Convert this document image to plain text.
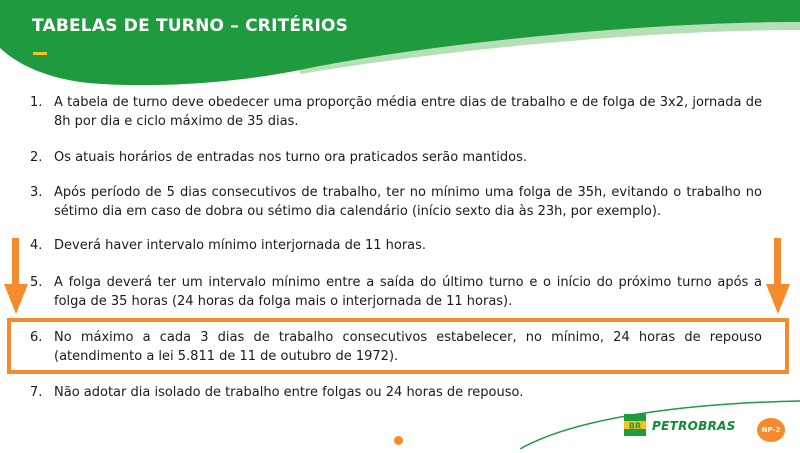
TABELAS DE TURNO – CRITÉRIOS
1. A tabela de turno deve obedecer uma proporção média entre dias de trabalho e de folga de 3x2, jornada de 8h por dia e ciclo máximo de 35 dias.
2. Os atuais horários de entradas nos turno ora praticados serão mantidos.
3. Após período de 5 dias consecutivos de trabalho, ter no mínimo uma folga de 35h, evitando o trabalho no sétimo dia em caso de dobra ou sétimo dia calendário (início sexto dia às 23h, por exemplo).
4. Deverá haver intervalo mínimo interjornada de 11 horas.
5. A folga deverá ter um intervalo mínimo entre a saída do último turno e o início do próximo turno após a folga de 35 horas (24 horas da folga mais o interjornada de 11 horas).
6. No máximo a cada 3 dias de trabalho consecutivos estabelecer, no mínimo, 24 horas de repouso (atendimento a lei 5.811 de 11 de outubro de 1972).
7. Não adotar dia isolado de trabalho entre folgas ou 24 horas de repouso.
BR PETROBRAS	NP-2
